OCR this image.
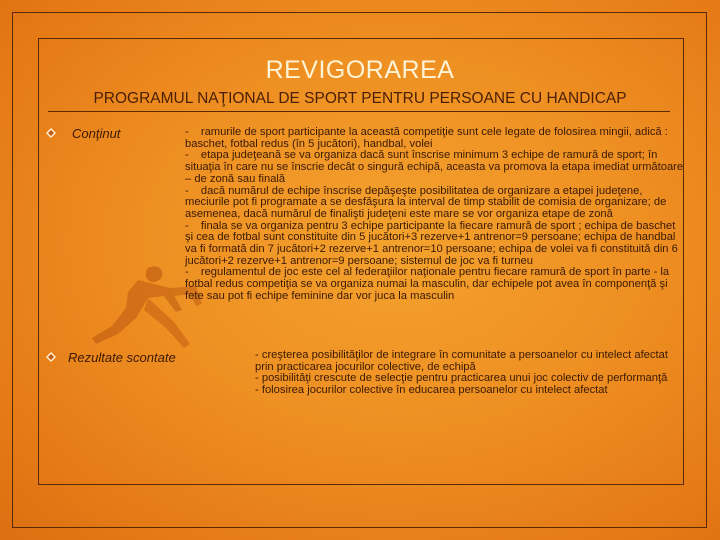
REVIGORAREA
PROGRAMUL NAŢIONAL DE SPORT PENTRU PERSOANE CU HANDICAP
Conţinut	- ramurile de sport participante la această competiţie sunt cele legate de folosirea mingii, adică : baschet, fotbal redus (în 5 jucători), handbal, volei
- etapa judeţeană se va organiza dacă sunt înscrise minimum 3 echipe de ramură de sport; în situaţia în care nu se înscrie decât o singură echipă, aceasta va promova la etapa imediat următoare – de zonă sau finală
- dacă numărul de echipe înscrise depăşeşte posibilitatea de organizare a etapei judeţene, meciurile pot fi programate a se desfăşura la interval de timp stabilit de comisia de organizare; de asemenea, dacă numărul de finalişti judeţeni este mare se vor organiza etape de zonă
- finala se va organiza pentru 3 echipe participante la fiecare ramură de sport ; echipa de baschet şi cea de fotbal sunt constituite din 5 jucători+3 rezerve+1 antrenor=9 persoane; echipa de handbal va fi formată din 7 jucători+2 rezerve+1 antrenor=10 persoane; echipa de volei va fi constituită din 6 jucători+2 rezerve+1 antrenor=9 persoane; sistemul de joc va fi turneu
- regulamentul de joc este cel al federaţiilor naţionale pentru fiecare ramură de sport în parte - la fotbal redus competiţia se va organiza numai la masculin, dar echipele pot avea în componenţă şi fete sau pot fi echipe feminine dar vor juca la masculin
Rezultate scontate	- creşterea posibilităţilor de integrare în comunitate a persoanelor cu intelect afectat prin practicarea jocurilor colective, de echipă
- posibilităţi crescute de selecţie pentru practicarea unui joc colectiv de performanţă
- folosirea jocurilor colective în educarea persoanelor cu intelect afectat
